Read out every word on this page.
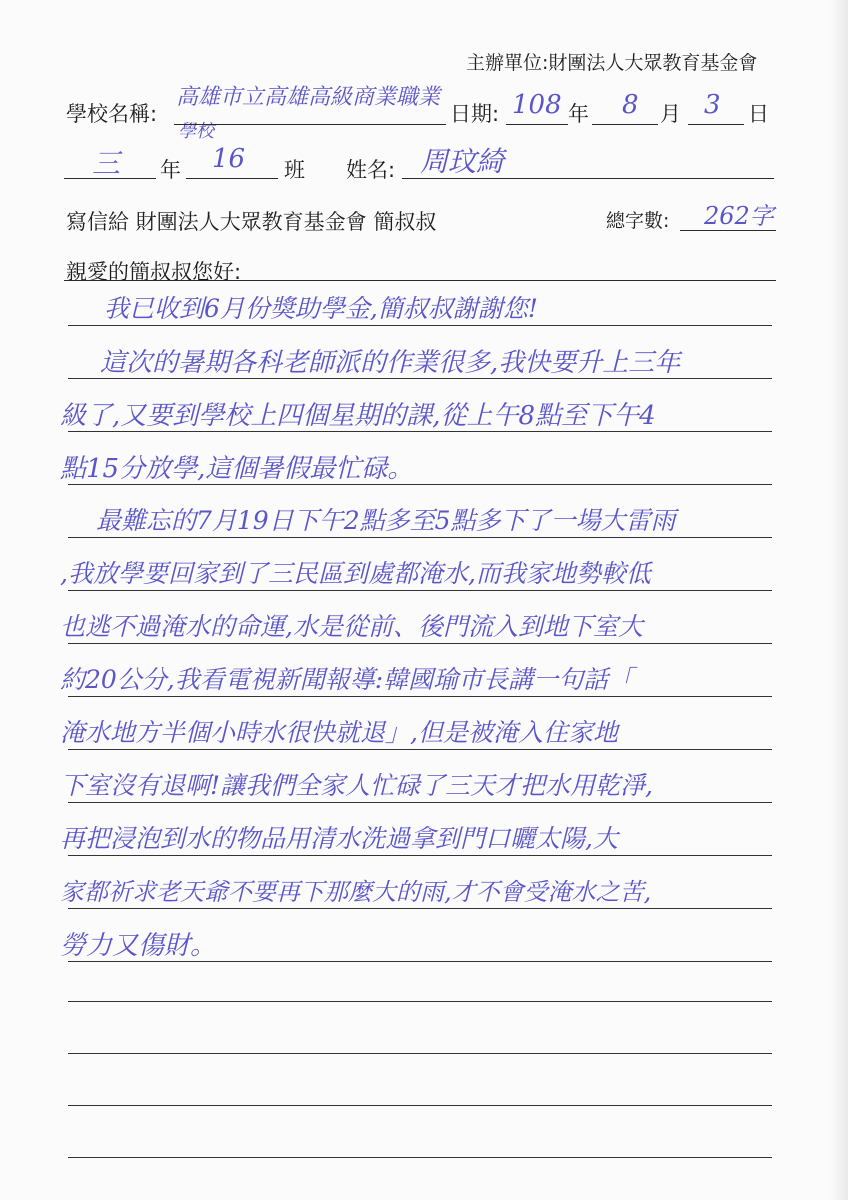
主辦單位:財團法人大眾教育基金會
學校名稱:
高雄市立高雄高級商業職業
學校
日期: 108 年 8 月 3 日
三 年 16 班 姓名: 周玟綺
寫信給 財團法人大眾教育基金會 簡叔叔	總字數: 262字
親愛的簡叔叔您好:
我已收到6月份獎助學金,簡叔叔謝謝您!
這次的暑期各科老師派的作業很多,我快要升上三年
級了,又要到學校上四個星期的課,從上午8點至下午4
點15分放學,這個暑假最忙碌。
最難忘的7月19日下午2點多至5點多下了一場大雷雨
,我放學要回家到了三民區到處都淹水,而我家地勢較低
也逃不過淹水的命運,水是從前、後門流入到地下室大
約20公分,我看電視新聞報導:韓國瑜市長講一句話「
淹水地方半個小時水很快就退」,但是被淹入住家地
下室沒有退啊!讓我們全家人忙碌了三天才把水用乾淨,
再把浸泡到水的物品用清水洗過拿到門口曬太陽,大
家都祈求老天爺不要再下那麼大的雨,才不會受淹水之苦,
勞力又傷財。
